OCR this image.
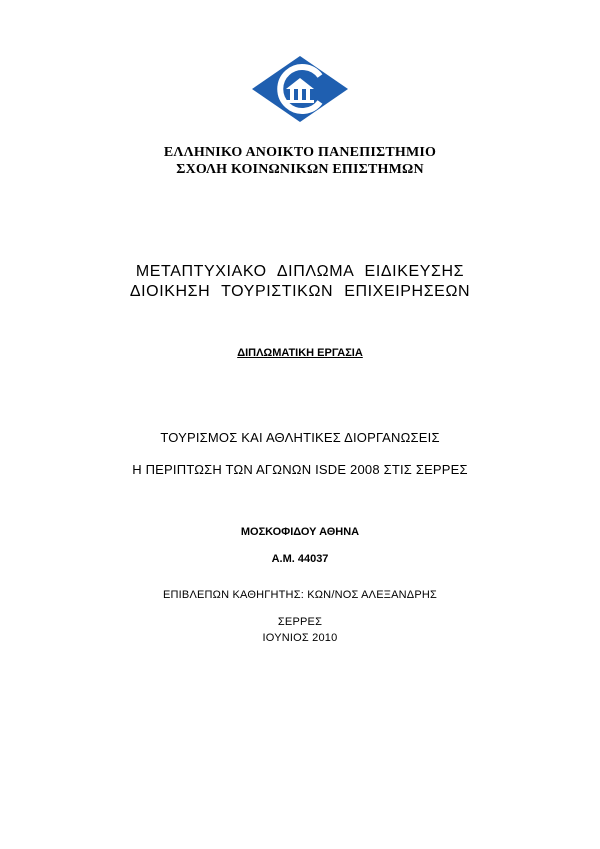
ΕΛΛΗΝΙΚΟ ΑΝΟΙΚΤΟ ΠΑΝΕΠΙΣΤΗΜΙΟ
ΣΧΟΛΗ ΚΟΙΝΩΝΙΚΩΝ ΕΠΙΣΤΗΜΩΝ
ΜΕΤΑΠΤΥΧΙΑΚΟ ΔΙΠΛΩΜΑ ΕΙΔΙΚΕΥΣΗΣ
ΔΙΟΙΚΗΣΗ ΤΟΥΡΙΣΤΙΚΩΝ ΕΠΙΧΕΙΡΗΣΕΩΝ
ΔΙΠΛΩΜΑΤΙΚΗ ΕΡΓΑΣΙΑ
ΤΟΥΡΙΣΜΟΣ ΚΑΙ ΑΘΛΗΤΙΚΕΣ ΔΙΟΡΓΑΝΩΣΕΙΣ
Η ΠΕΡΙΠΤΩΣΗ ΤΩΝ ΑΓΩΝΩΝ ISDE 2008 ΣΤΙΣ ΣΕΡΡΕΣ
ΜΟΣΚΟΦΙΔΟΥ ΑΘΗΝΑ
Α.Μ. 44037
ΕΠΙΒΛΕΠΩΝ ΚΑΘΗΓΗΤΗΣ: ΚΩΝ/ΝΟΣ ΑΛΕΞΑΝΔΡΗΣ
ΣΕΡΡΕΣ
ΙΟΥΝΙΟΣ 2010
